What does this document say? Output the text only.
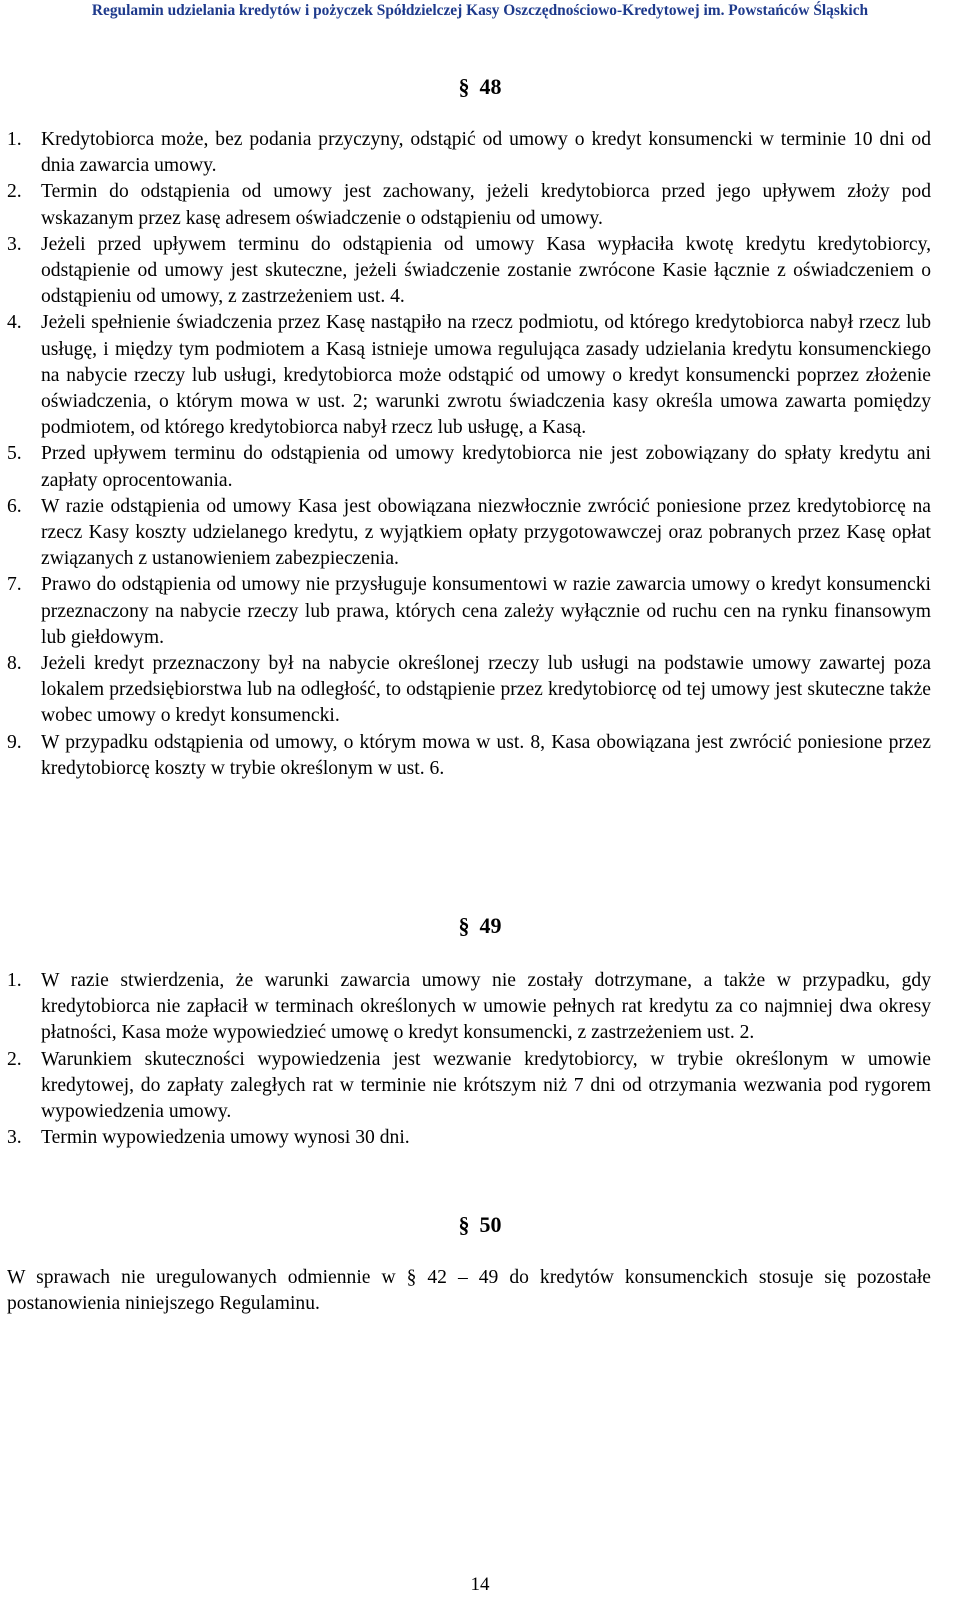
Regulamin udzielania kredytów i pożyczek Spółdzielczej Kasy Oszczędnościowo-Kredytowej im. Powstańców Śląskich
§ 48
1. Kredytobiorca może, bez podania przyczyny, odstąpić od umowy o kredyt konsumencki w terminie 10 dni od dnia zawarcia umowy.
2. Termin do odstąpienia od umowy jest zachowany, jeżeli kredytobiorca przed jego upływem złoży pod wskazanym przez kasę adresem oświadczenie o odstąpieniu od umowy.
3. Jeżeli przed upływem terminu do odstąpienia od umowy Kasa wypłaciła kwotę kredytu kredytobiorcy, odstąpienie od umowy jest skuteczne, jeżeli świadczenie zostanie zwrócone Kasie łącznie z oświadczeniem o odstąpieniu od umowy, z zastrzeżeniem ust. 4.
4. Jeżeli spełnienie świadczenia przez Kasę nastąpiło na rzecz podmiotu, od którego kredytobiorca nabył rzecz lub usługę, i między tym podmiotem a Kasą istnieje umowa regulująca zasady udzielania kredytu konsumenckiego na nabycie rzeczy lub usługi, kredytobiorca może odstąpić od umowy o kredyt konsumencki poprzez złożenie oświadczenia, o którym mowa w ust. 2; warunki zwrotu świadczenia kasy określa umowa zawarta pomiędzy podmiotem, od którego kredytobiorca nabył rzecz lub usługę, a Kasą.
5. Przed upływem terminu do odstąpienia od umowy kredytobiorca nie jest zobowiązany do spłaty kredytu ani zapłaty oprocentowania.
6. W razie odstąpienia od umowy Kasa jest obowiązana niezwłocznie zwrócić poniesione przez kredytobiorcę na rzecz Kasy koszty udzielanego kredytu, z wyjątkiem opłaty przygotowawczej oraz pobranych przez Kasę opłat związanych z ustanowieniem zabezpieczenia.
7. Prawo do odstąpienia od umowy nie przysługuje konsumentowi w razie zawarcia umowy o kredyt konsumencki przeznaczony na nabycie rzeczy lub prawa, których cena zależy wyłącznie od ruchu cen na rynku finansowym lub giełdowym.
8. Jeżeli kredyt przeznaczony był na nabycie określonej rzeczy lub usługi na podstawie umowy zawartej poza lokalem przedsiębiorstwa lub na odległość, to odstąpienie przez kredytobiorcę od tej umowy jest skuteczne także wobec umowy o kredyt konsumencki.
9. W przypadku odstąpienia od umowy, o którym mowa w ust. 8, Kasa obowiązana jest zwrócić poniesione przez kredytobiorcę koszty w trybie określonym w ust. 6.
§ 49
1. W razie stwierdzenia, że warunki zawarcia umowy nie zostały dotrzymane, a także w przypadku, gdy kredytobiorca nie zapłacił w terminach określonych w umowie pełnych rat kredytu za co najmniej dwa okresy płatności, Kasa może wypowiedzieć umowę o kredyt konsumencki, z zastrzeżeniem ust. 2.
2. Warunkiem skuteczności wypowiedzenia jest wezwanie kredytobiorcy, w trybie określonym w umowie kredytowej, do zapłaty zaległych rat w terminie nie krótszym niż 7 dni od otrzymania wezwania pod rygorem wypowiedzenia umowy.
3. Termin wypowiedzenia umowy wynosi 30 dni.
§ 50

W sprawach nie uregulowanych odmiennie w § 42 – 49 do kredytów konsumenckich stosuje się pozostałe postanowienia niniejszego Regulaminu.

14
